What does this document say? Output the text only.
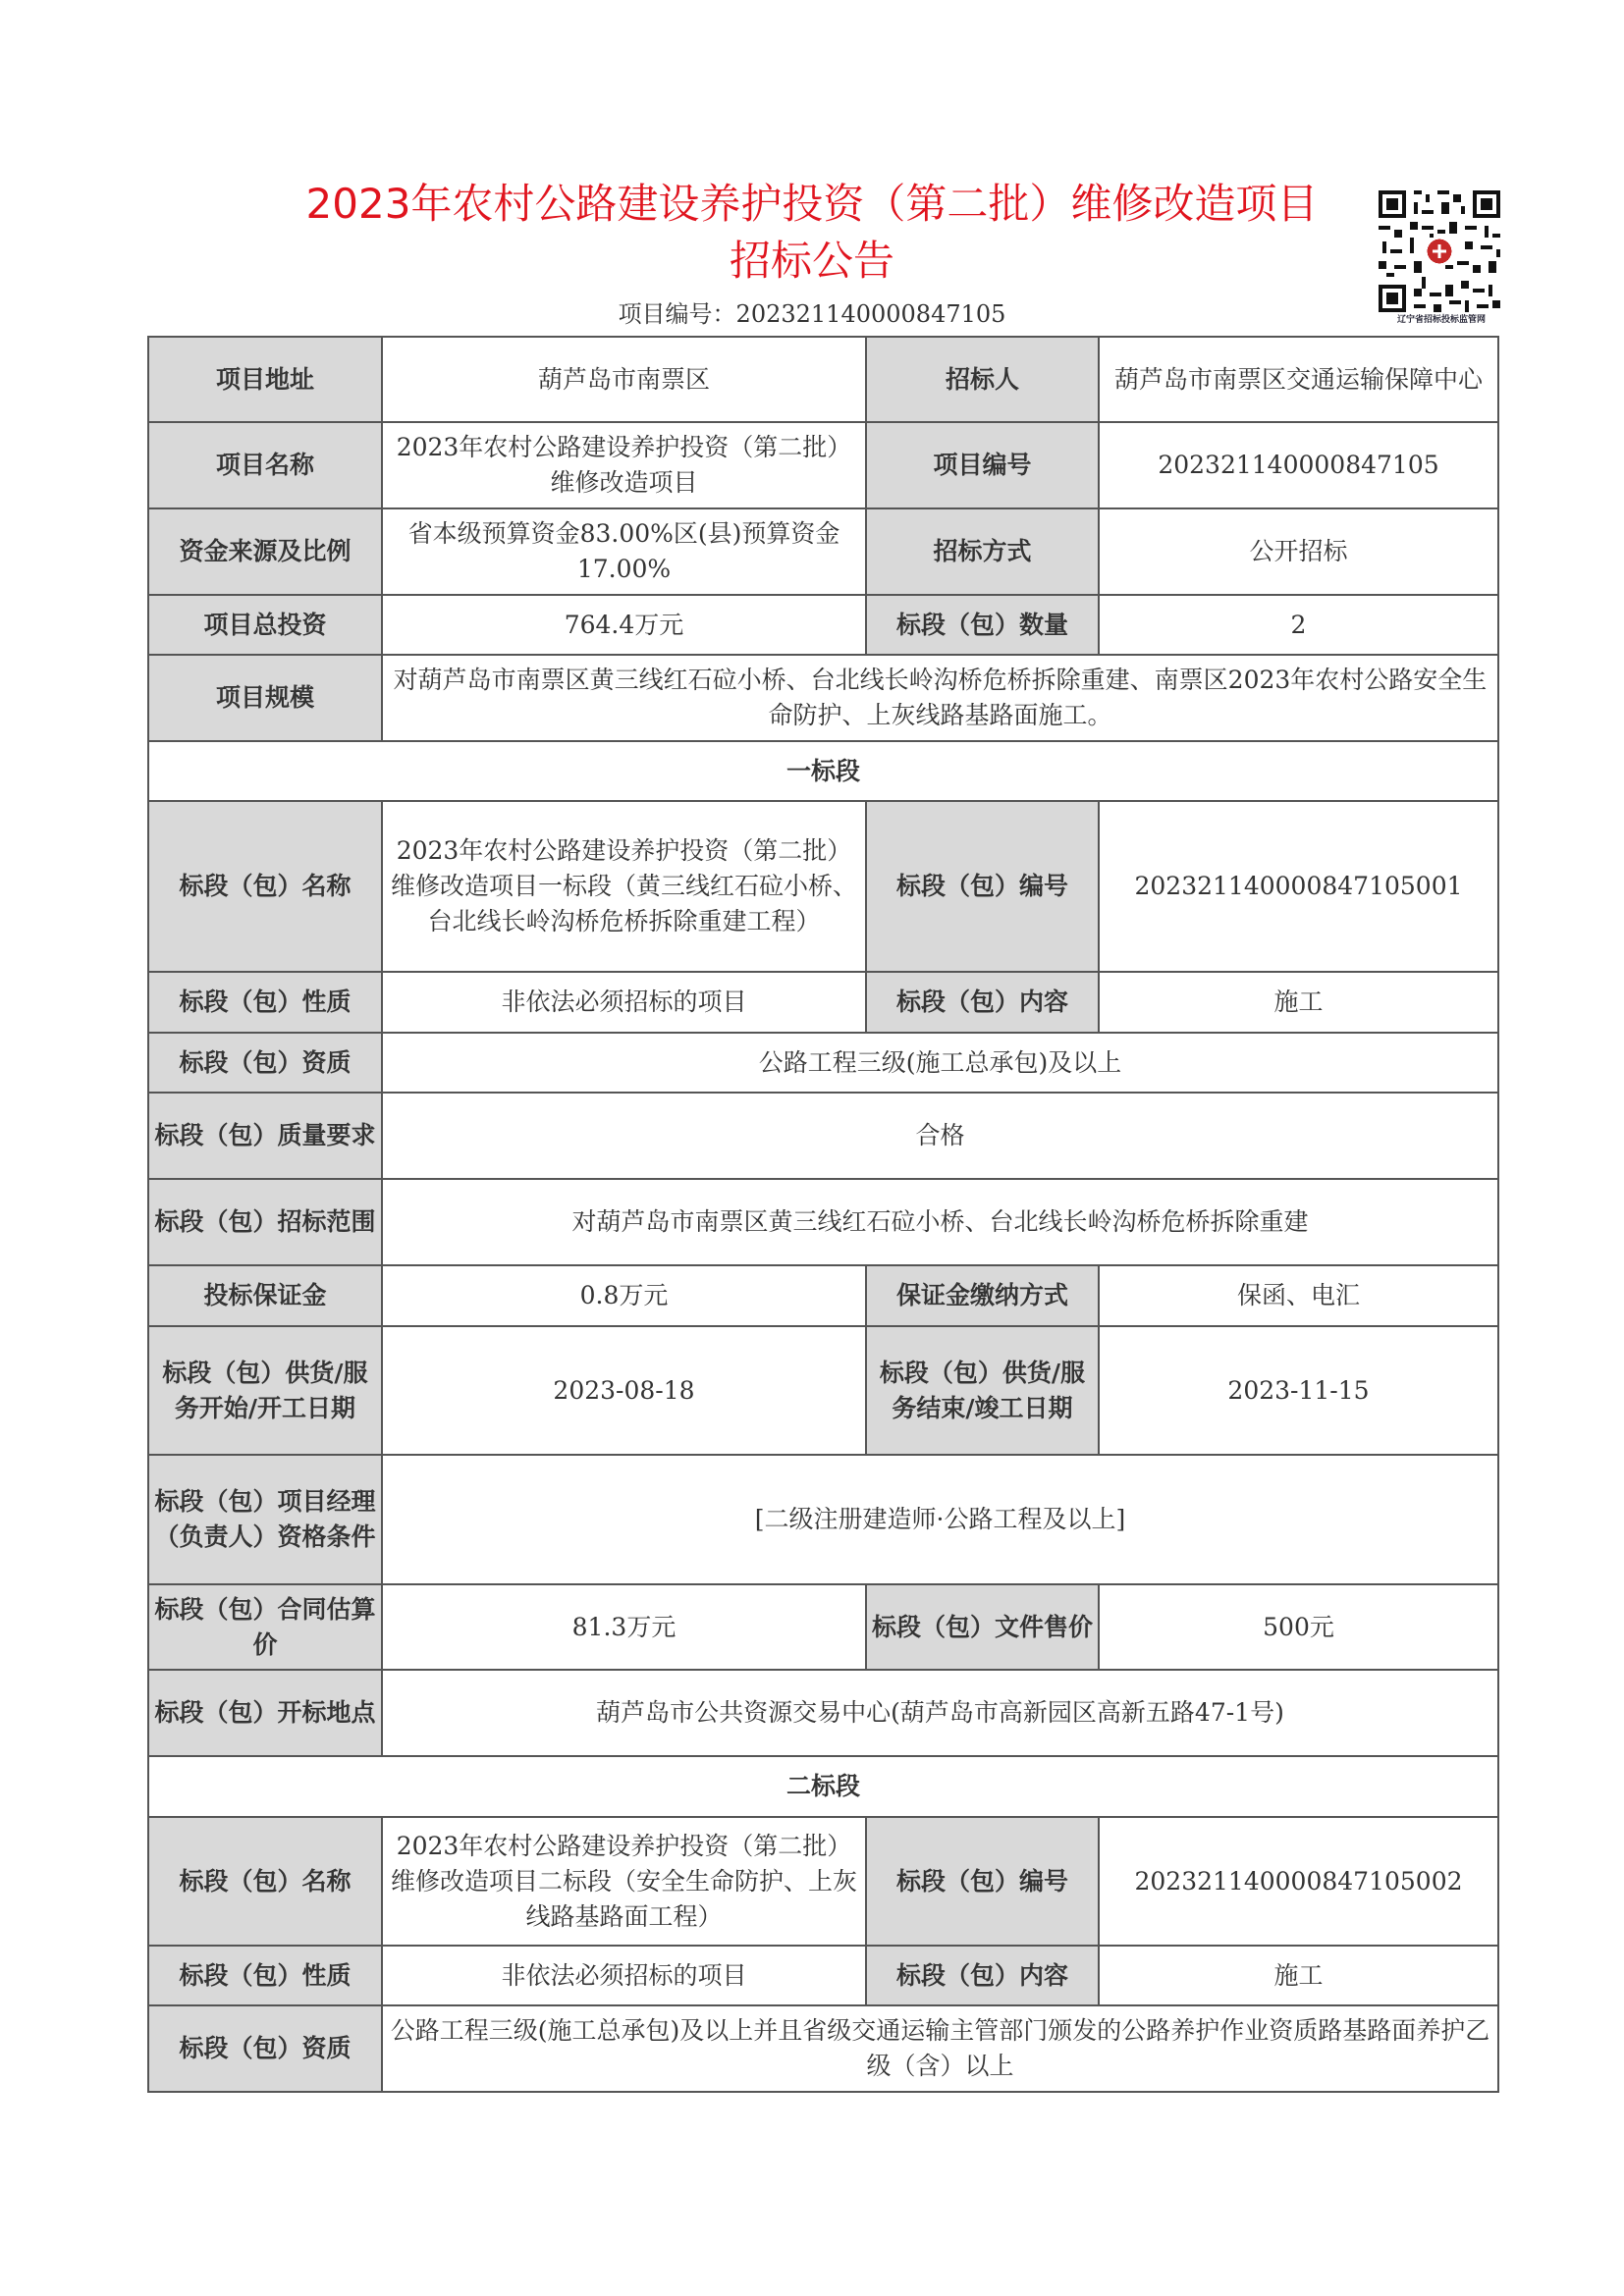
2023年农村公路建设养护投资（第二批）维修改造项目
招标公告
项目编号：202321140000847105	辽宁省招标投标监管网
项目地址	葫芦岛市南票区	招标人	葫芦岛市南票区交通运输保障中心
项目名称	2023年农村公路建设养护投资（第二批）维修改造项目	项目编号	202321140000847105
资金来源及比例	省本级预算资金83.00%区(县)预算资金17.00%	招标方式	公开招标
项目总投资	764.4万元	标段（包）数量	2
项目规模	对葫芦岛市南票区黄三线红石砬小桥、台北线长岭沟桥危桥拆除重建、南票区2023年农村公路安全生命防护、上灰线路基路面施工。		
一标段			
标段（包）名称	2023年农村公路建设养护投资（第二批）维修改造项目一标段（黄三线红石砬小桥、台北线长岭沟桥危桥拆除重建工程）	标段（包）编号	202321140000847105001
标段（包）性质	非依法必须招标的项目	标段（包）内容	施工
标段（包）资质	公路工程三级(施工总承包)及以上		
标段（包）质量要求	合格		
标段（包）招标范围	对葫芦岛市南票区黄三线红石砬小桥、台北线长岭沟桥危桥拆除重建		
投标保证金	0.8万元	保证金缴纳方式	保函、电汇
标段（包）供货/服务开始/开工日期	2023-08-18	标段（包）供货/服务结束/竣工日期	2023-11-15
标段（包）项目经理（负责人）资格条件	[二级注册建造师·公路工程及以上]		
标段（包）合同估算价	81.3万元	标段（包）文件售价	500元
标段（包）开标地点	葫芦岛市公共资源交易中心(葫芦岛市高新园区高新五路47-1号)		
二标段			
标段（包）名称	2023年农村公路建设养护投资（第二批）维修改造项目二标段（安全生命防护、上灰线路基路面工程）	标段（包）编号	202321140000847105002
标段（包）性质	非依法必须招标的项目	标段（包）内容	施工
标段（包）资质	公路工程三级(施工总承包)及以上并且省级交通运输主管部门颁发的公路养护作业资质路基路面养护乙级（含）以上		
